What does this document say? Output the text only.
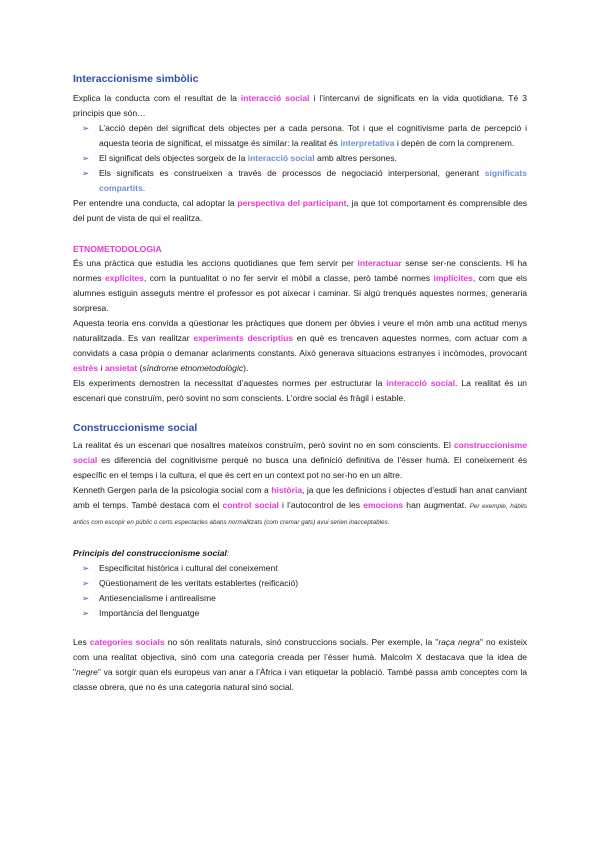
Interaccionisme simbòlic

Explica la conducta com el resultat de la interacció social i l’intercanvi de significats en la vida quotidiana. Té 3 principis que són…

➢ L’acció depèn del significat dels objectes per a cada persona. Tot i que el cognitivisme parla de percepció i aquesta teoria de significat, el missatge és similar: la realitat és interpretativa i depèn de com la comprenem.
➢ El significat dels objectes sorgeix de la interacció social amb altres persones.
➢ Els significats es construeixen a través de processos de negociació interpersonal, generant significats compartits.

Per entendre una conducta, cal adoptar la perspectiva del participant, ja que tot comportament és comprensible des del punt de vista de qui el realitza.

ETNOMETODOLOGIA

És una pràctica que estudia les accions quotidianes que fem servir per interactuar sense ser-ne conscients. Hi ha normes explícites, com la puntualitat o no fer servir el mòbil a classe, però també normes implícites, com que els alumnes estiguin asseguts mentre el professor es pot aixecar i caminar. Si algú trenqués aquestes normes, generaria sorpresa.

Aquesta teoria ens convida a qüestionar les pràctiques que donem per òbvies i veure el món amb una actitud menys naturalitzada. Es van realitzar experiments descriptius en què es trencaven aquestes normes, com actuar com a convidats a casa pròpia o demanar aclariments constants. Això generava situacions estranyes i incòmodes, provocant estrès i ansietat (síndrome etnometodològic).

Els experiments demostren la necessitat d’aquestes normes per estructurar la interacció social. La realitat és un escenari que construïm, però sovint no som conscients. L’ordre social és fràgil i estable.

Construccionisme social

La realitat és un escenari que nosaltres mateixos construïm, però sovint no en som conscients. El construccionisme social es diferencia del cognitivisme perquè no busca una definició definitiva de l’ésser humà. El coneixement és específic en el temps i la cultura, el que és cert en un context pot no ser-ho en un altre.

Kenneth Gergen parla de la psicologia social com a història, ja que les definicions i objectes d’estudi han anat canviant amb el temps. També destaca com el control social i l’autocontrol de les emocions han augmentat. Per exemple, hàbits antics com escopir en públic o certs espectacles abans normalitzats (com cremar gats) avui serien inacceptables.

Principis del construccionisme social:

➢ Especificitat històrica i cultural del coneixement
➢ Qüestionament de les veritats establertes (reificació)
➢ Antiesencialisme i antirealisme
➢ Importància del llenguatge

Les categories socials no són realitats naturals, sinó construccions socials. Per exemple, la "raça negra" no existeix com una realitat objectiva, sinó com una categoria creada per l’ésser humà. Malcolm X destacava que la idea de "negre" va sorgir quan els europeus van anar a l’Àfrica i van etiquetar la població. També passa amb conceptes com la classe obrera, que no és una categoria natural sinó social.
